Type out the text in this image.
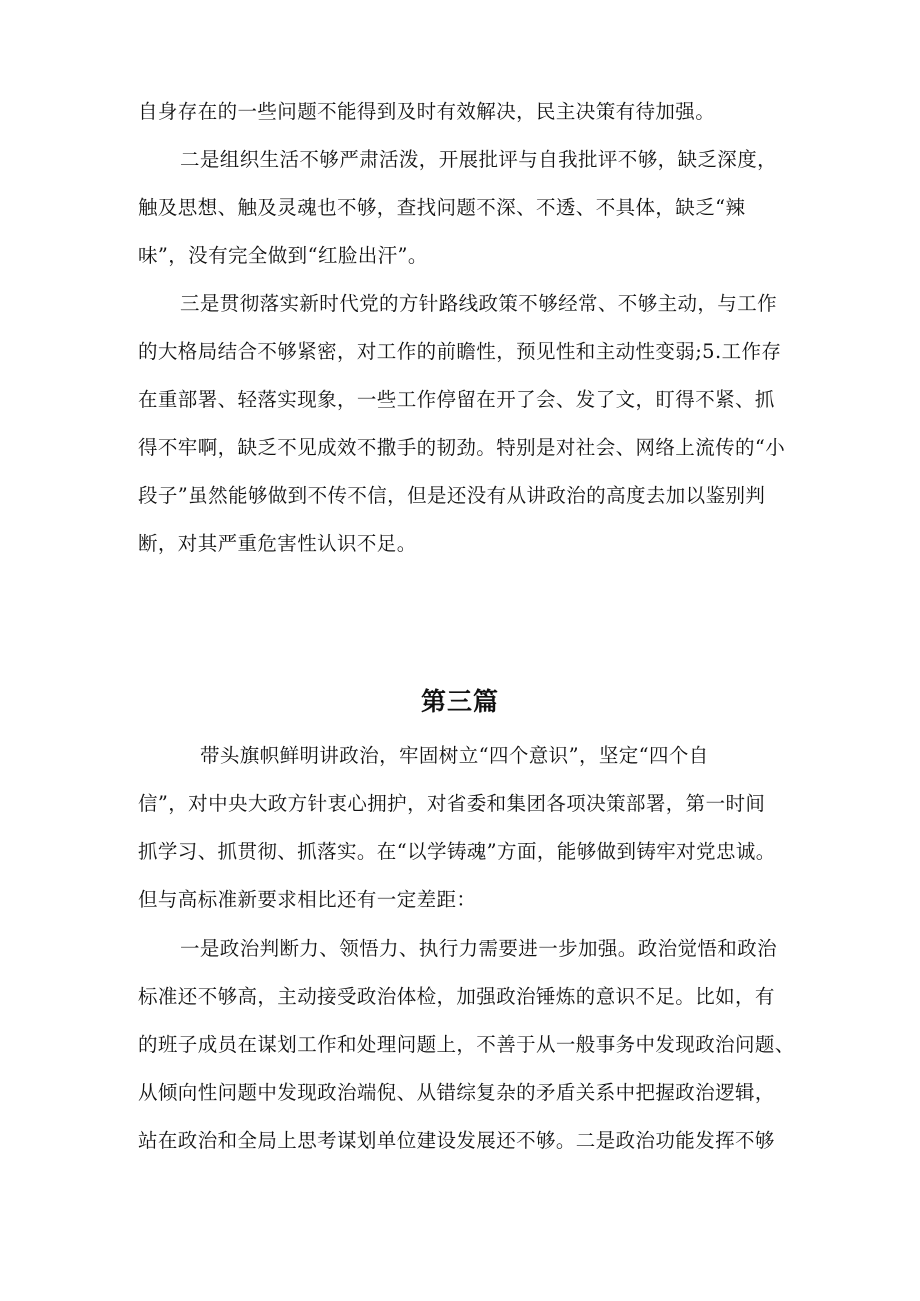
自身存在的一些问题不能得到及时有效解决，民主决策有待加强。
二是组织生活不够严肃活泼，开展批评与自我批评不够，缺乏深度，
触及思想、触及灵魂也不够，查找问题不深、不透、不具体，缺乏“辣
味”，没有完全做到“红脸出汗”。
三是贯彻落实新时代党的方针路线政策不够经常、不够主动，与工作
的大格局结合不够紧密，对工作的前瞻性，预见性和主动性变弱;5.工作存
在重部署、轻落实现象，一些工作停留在开了会、发了文，盯得不紧、抓
得不牢啊，缺乏不见成效不撒手的韧劲。特别是对社会、网络上流传的“小
段子”虽然能够做到不传不信，但是还没有从讲政治的高度去加以鉴别判
断，对其严重危害性认识不足。
第三篇
带头旗帜鲜明讲政治，牢固树立“四个意识”，坚定“四个自
信”，对中央大政方针衷心拥护，对省委和集团各项决策部署，第一时间
抓学习、抓贯彻、抓落实。在“以学铸魂”方面，能够做到铸牢对党忠诚。
但与高标准新要求相比还有一定差距：
一是政治判断力、领悟力、执行力需要进一步加强。政治觉悟和政治
标准还不够高，主动接受政治体检，加强政治锤炼的意识不足。比如，有
的班子成员在谋划工作和处理问题上，不善于从一般事务中发现政治问题、
从倾向性问题中发现政治端倪、从错综复杂的矛盾关系中把握政治逻辑，
站在政治和全局上思考谋划单位建设发展还不够。二是政治功能发挥不够
